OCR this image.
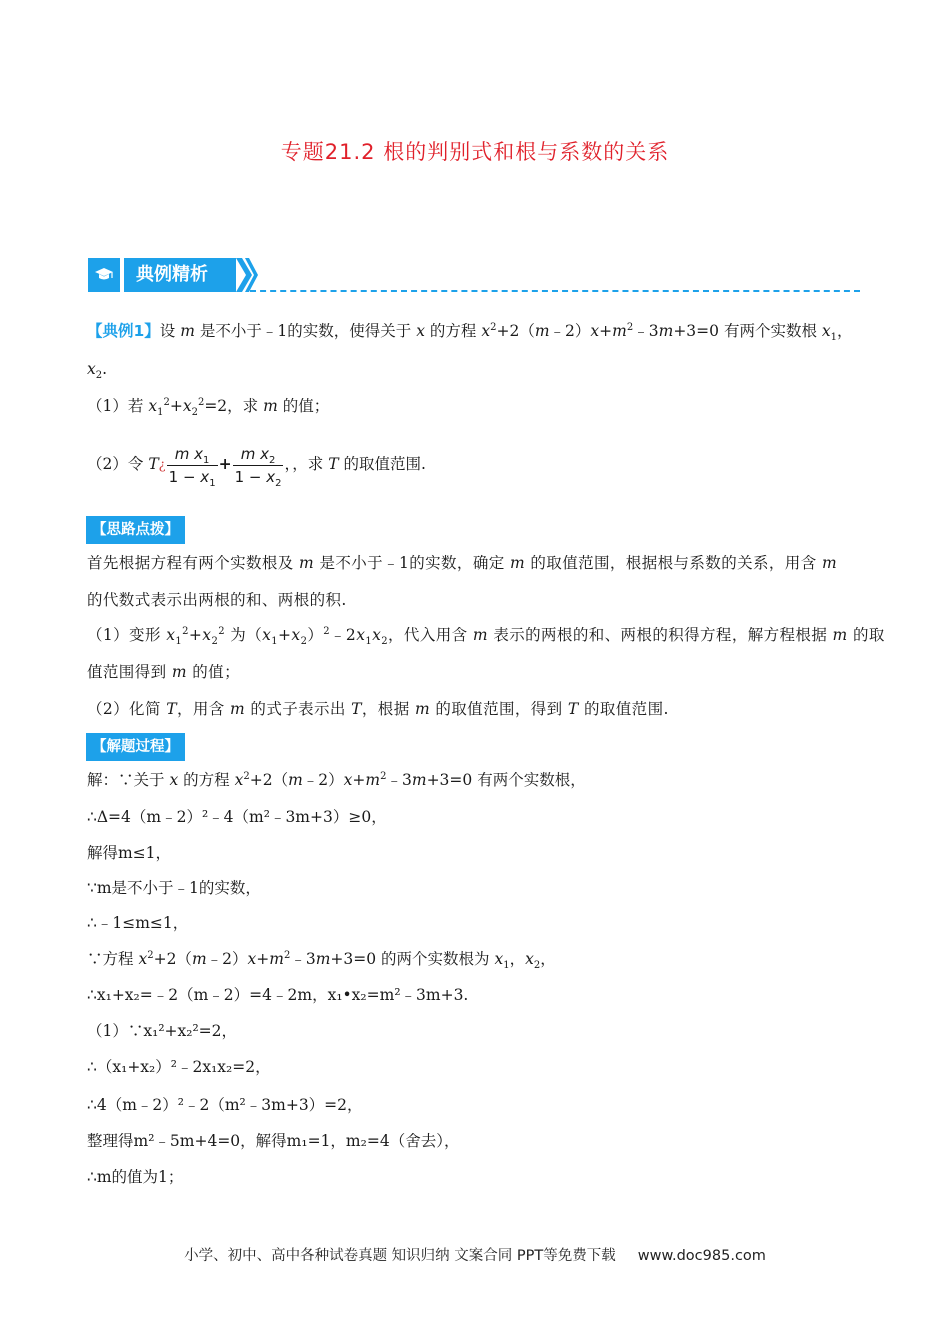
专题21.2 根的判别式和根与系数的关系
典例精析
【典例1】设 m 是不小于﹣1的实数，使得关于 x 的方程 $x^2+2(m﹣2)x+m^2﹣3m+3=0$ 有两个实数根 $x_1$，
$x_2$.
（1）若 $x_1^2+x_2^2=2$，求 m 的值；
（2）令 T¿ $\frac{m x_1}{1 - x_1} + \frac{m x_2}{1 - x_2}$ ，，求 T 的取值范围.
【思路点拨】
首先根据方程有两个实数根及 m 是不小于﹣1的实数，确定 m 的取值范围，根据根与系数的关系，用含 m
的代数式表示出两根的和、两根的积.
（1）变形 $x_1^2+x_2^2$ 为$(x_1+x_2)^2﹣2x_1x_2$，代入用含 m 表示的两根的和、两根的积得方程，解方程根据 m 的取
值范围得到 m 的值；
（2）化简 T，用含 m 的式子表示出 T，根据 m 的取值范围，得到 T 的取值范围.
【解题过程】
解：∵关于 x 的方程 $x^2+2(m﹣2)x+m^2﹣3m+3=0$ 有两个实数根，
∴Δ=4（m﹣2）²﹣4（m²﹣3m+3）≥0，
解得m≤1，
∵m是不小于﹣1的实数，
∴﹣1≤m≤1，
∵方程 $x^2+2(m﹣2)x+m^2﹣3m+3=0$ 的两个实数根为 $x_1$，$x_2$，
∴x₁+x₂=﹣2（m﹣2）=4﹣2m，x₁•x₂=m²﹣3m+3.
（1）∵x₁²+x₂²=2，
∴（x₁+x₂）²﹣2x₁x₂=2，
∴4（m﹣2）²﹣2（m²﹣3m+3）=2，
整理得m²﹣5m+4=0，解得m₁=1，m₂=4（舍去），
∴m的值为1；
小学、初中、高中各种试卷真题 知识归纳 文案合同 PPT等免费下载 www.doc985.com
